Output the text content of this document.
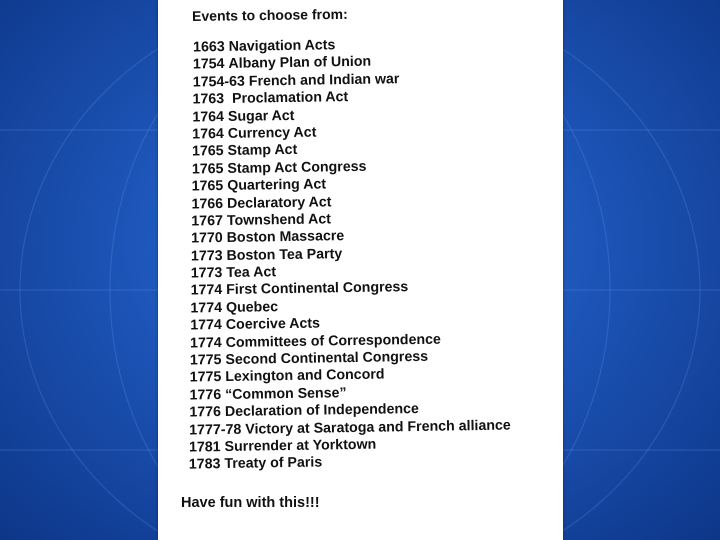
Events to choose from:
1663 Navigation Acts
1754 Albany Plan of Union
1754-63 French and Indian war
1763 Proclamation Act
1764 Sugar Act
1764 Currency Act
1765 Stamp Act
1765 Stamp Act Congress
1765 Quartering Act
1766 Declaratory Act
1767 Townshend Act
1770 Boston Massacre
1773 Boston Tea Party
1773 Tea Act
1774 First Continental Congress
1774 Quebec
1774 Coercive Acts
1774 Committees of Correspondence
1775 Second Continental Congress
1775 Lexington and Concord
1776 “Common Sense”
1776 Declaration of Independence
1777-78 Victory at Saratoga and French alliance
1781 Surrender at Yorktown
1783 Treaty of Paris
Have fun with this!!!
